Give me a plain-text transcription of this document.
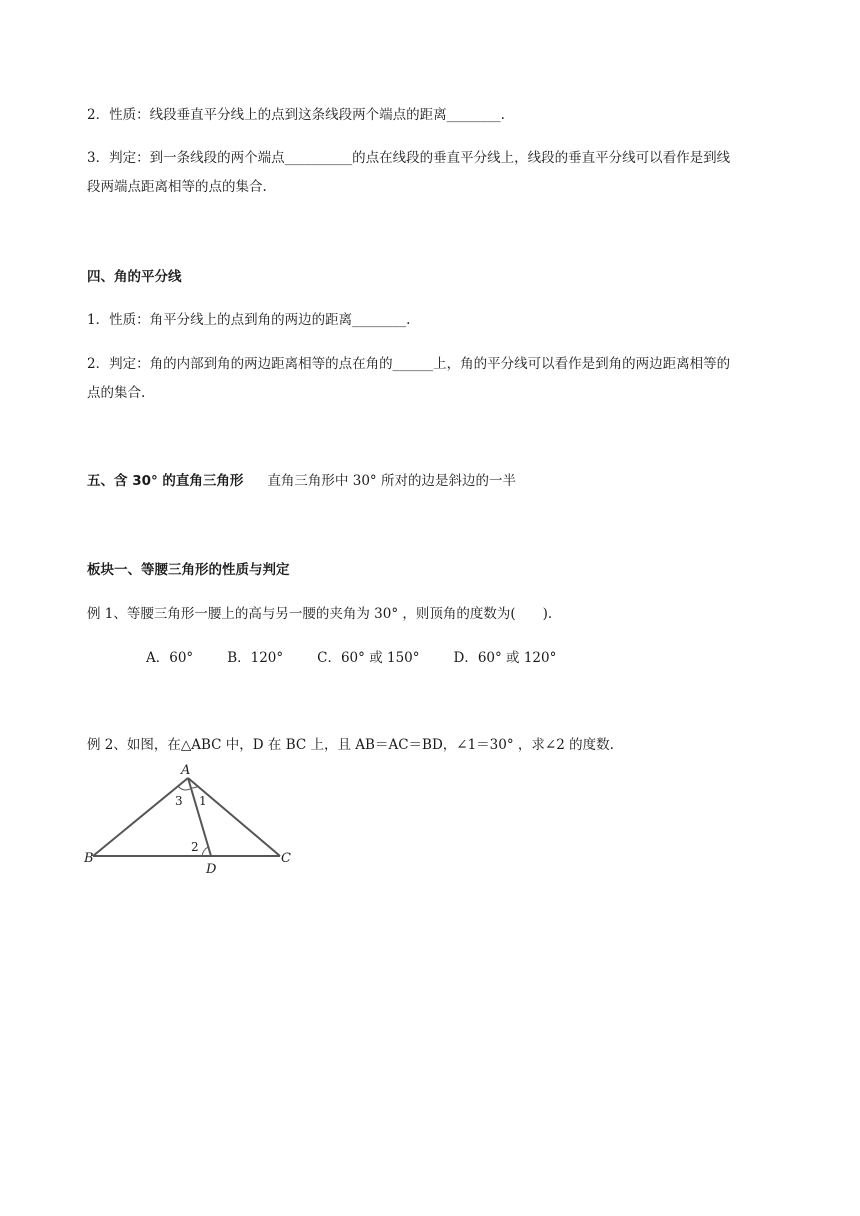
2．性质：线段垂直平分线上的点到这条线段两个端点的距离________.
3．判定：到一条线段的两个端点__________的点在线段的垂直平分线上，线段的垂直平分线可以看作是到线
段两端点距离相等的点的集合.
四、角的平分线
1．性质：角平分线上的点到角的两边的距离________.
2．判定：角的内部到角的两边距离相等的点在角的______上，角的平分线可以看作是到角的两边距离相等的
点的集合.
五、含 30° 的直角三角形 直角三角形中 30° 所对的边是斜边的一半
板块一、等腰三角形的性质与判定
例 1、等腰三角形一腰上的高与另一腰的夹角为 30° ，则顶角的度数为(　　).
A．60°	B．120°	C．60° 或 150°	D．60° 或 120°
例 2、如图，在△ABC 中，D 在 BC 上，且 AB＝AC＝BD，∠1＝30° ，求∠2 的度数.
A
B	C
D
3 1
2
